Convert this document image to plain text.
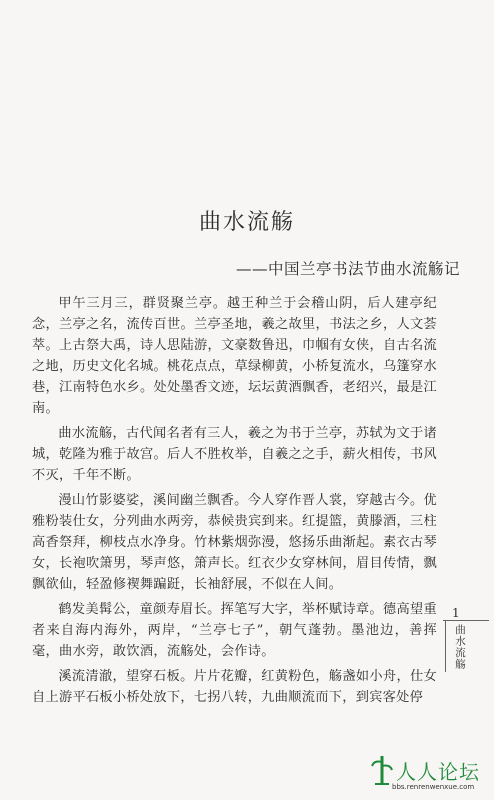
曲水流觞
——中国兰亭书法节曲水流觞记

甲午三月三，群贤聚兰亭。越王种兰于会稽山阴，后人建亭纪念，兰亭之名，流传百世。兰亭圣地，羲之故里，书法之乡，人文荟萃。上古祭大禹，诗人思陆游，文豪数鲁迅，巾帼有女侠，自古名流之地，历史文化名城。桃花点点，草绿柳黄，小桥复流水，乌篷穿水巷，江南特色水乡。处处墨香文迹，坛坛黄酒飘香，老绍兴，最是江南。

曲水流觞，古代闻名者有三人，羲之为书于兰亭，苏轼为文于诸城，乾隆为雅于故宫。后人不胜枚举，自羲之之手，薪火相传，书风不灭，千年不断。

漫山竹影婆娑，溪间幽兰飘香。今人穿作晋人裳，穿越古今。优雅粉装仕女，分列曲水两旁，恭候贵宾到来。红提篮，黄滕酒，三柱高香祭拜，柳枝点水净身。竹林紫烟弥漫，悠扬乐曲渐起。素衣古琴女，长袍吹箫男，琴声悠，箫声长。红衣少女穿林间，眉目传情，飘飘欲仙，轻盈修褉舞蹁跹，长袖舒展，不似在人间。

鹤发美髯公，童颜寿眉长。挥笔写大字，举杯赋诗章。德高望重者来自海内海外，两岸，“兰亭七子”，朝气蓬勃。墨池边，善挥毫，曲水旁，敢饮酒，流觞处，会作诗。

溪流清澈，望穿石板。片片花瓣，红黄粉色，觞盏如小舟，仕女自上游平石板小桥处放下，七拐八转，九曲顺流而下，到宾客处停

1
曲水流觞
人人论坛
bbs.renrenwenxue.com
